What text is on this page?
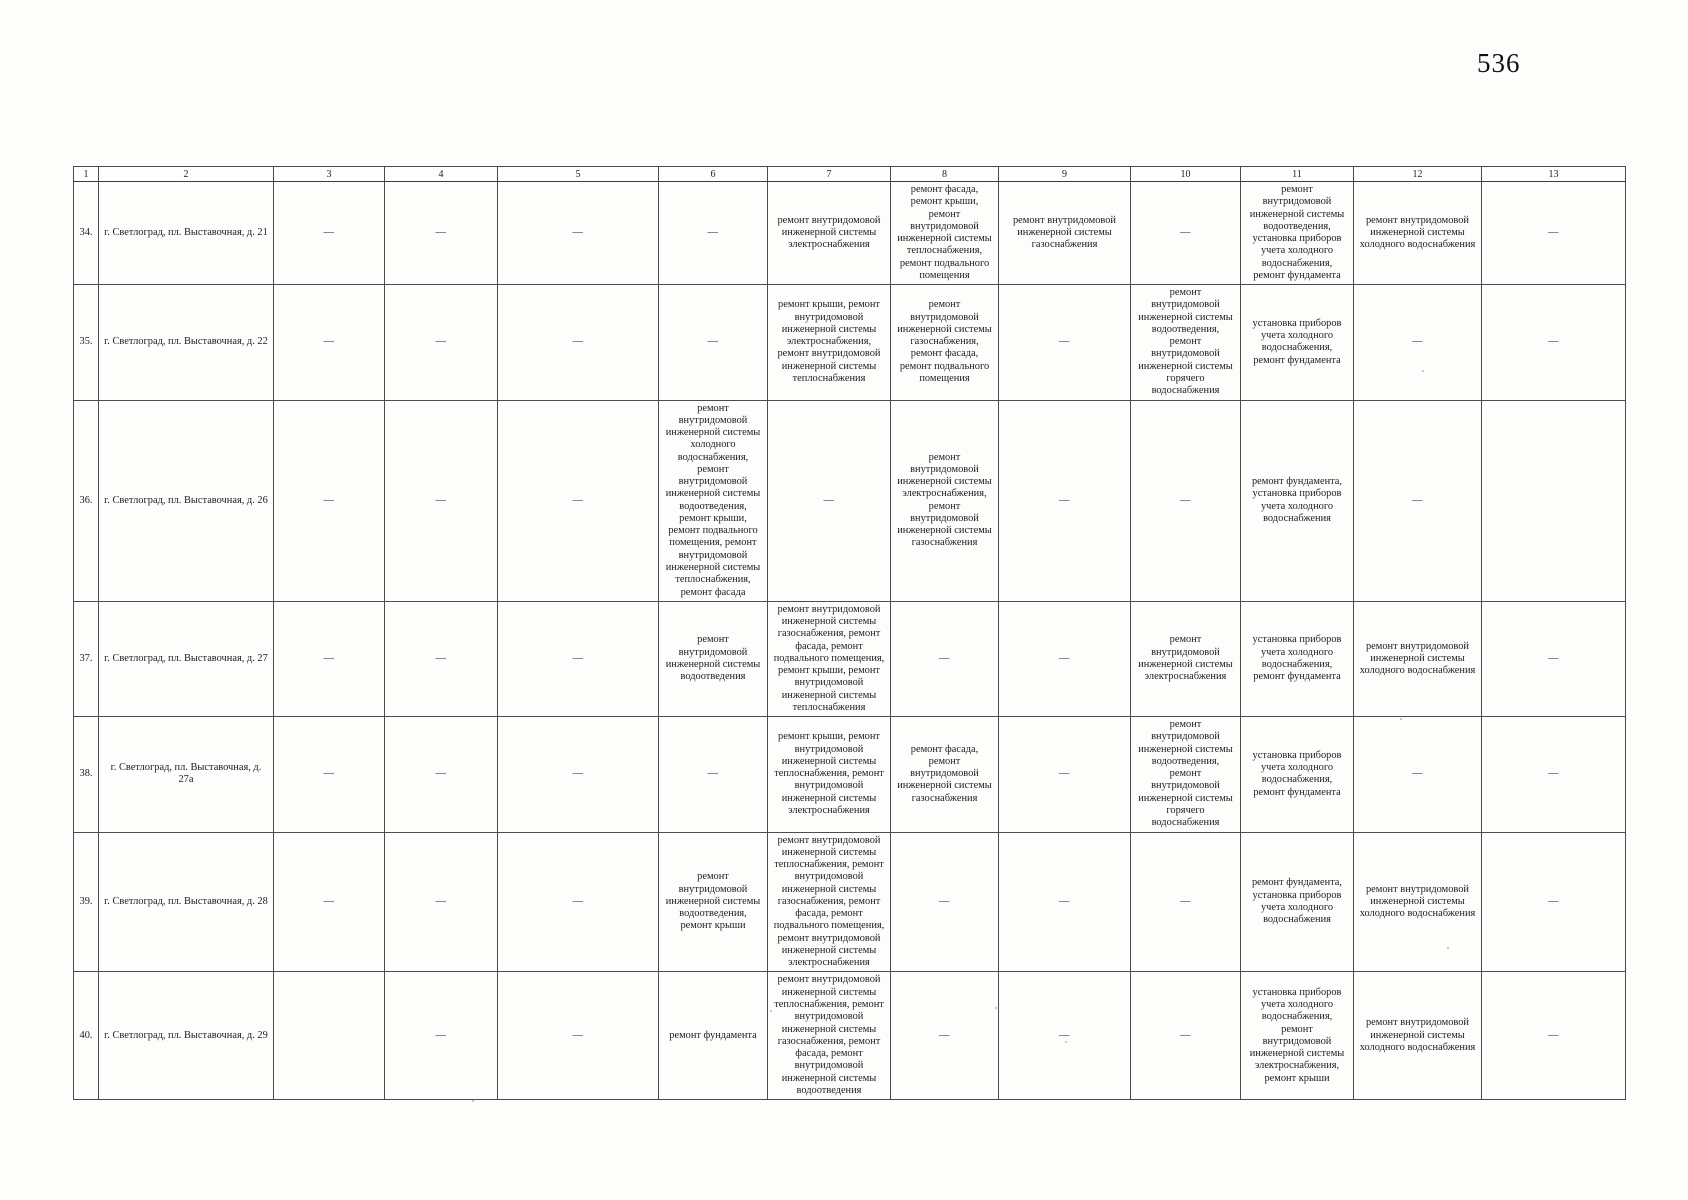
536
1	2	3	4	5	6	7	8	9	10	11	12	13
34.	г. Светлоград, пл. Выставочная, д. 21	—	—	—	—	ремонт внутридомовой инженерной системы электроснабжения	ремонт фасада, ремонт крыши, ремонт внутридомовой инженерной системы теплоснабжения, ремонт подвального помещения	ремонт внутридомовой инженерной системы газоснабжения	—	ремонт внутридомовой инженерной системы водоотведения, установка приборов учета холодного водоснабжения, ремонт фундамента	ремонт внутридомовой инженерной системы холодного водоснабжения	—
35.	г. Светлоград, пл. Выставочная, д. 22	—	—	—	—	ремонт крыши, ремонт внутридомовой инженерной системы электроснабжения, ремонт внутридомовой инженерной системы теплоснабжения	ремонт внутридомовой инженерной системы газоснабжения, ремонт фасада, ремонт подвального помещения	—	ремонт внутридомовой инженерной системы водоотведения, ремонт внутридомовой инженерной системы горячего водоснабжения	установка приборов учета холодного водоснабжения, ремонт фундамента	—	—
36.	г. Светлоград, пл. Выставочная, д. 26	—	—	—	ремонт внутридомовой инженерной системы холодного водоснабжения, ремонт внутридомовой инженерной системы водоотведения, ремонт крыши, ремонт подвального помещения, ремонт внутридомовой инженерной системы теплоснабжения, ремонт фасада	—	ремонт внутридомовой инженерной системы электроснабжения, ремонт внутридомовой инженерной системы газоснабжения	—	—	ремонт фундамента, установка приборов учета холодного водоснабжения	—	
37.	г. Светлоград, пл. Выставочная, д. 27	—	—	—	ремонт внутридомовой инженерной системы водоотведения	ремонт внутридомовой инженерной системы газоснабжения, ремонт фасада, ремонт подвального помещения, ремонт крыши, ремонт внутридомовой инженерной системы теплоснабжения	—	—	ремонт внутридомовой инженерной системы электроснабжения	установка приборов учета холодного водоснабжения, ремонт фундамента	ремонт внутридомовой инженерной системы холодного водоснабжения	—
38.	г. Светлоград, пл. Выставочная, д. 27а	—	—	—	—	ремонт крыши, ремонт внутридомовой инженерной системы теплоснабжения, ремонт внутридомовой инженерной системы электроснабжения	ремонт фасада, ремонт внутридомовой инженерной системы газоснабжения	—	ремонт внутридомовой инженерной системы водоотведения, ремонт внутридомовой инженерной системы горячего водоснабжения	установка приборов учета холодного водоснабжения, ремонт фундамента	—	—
39.	г. Светлоград, пл. Выставочная, д. 28	—	—	—	ремонт внутридомовой инженерной системы водоотведения, ремонт крыши	ремонт внутридомовой инженерной системы теплоснабжения, ремонт внутридомовой инженерной системы газоснабжения, ремонт фасада, ремонт подвального помещения, ремонт внутридомовой инженерной системы электроснабжения	—	—	—	ремонт фундамента, установка приборов учета холодного водоснабжения	ремонт внутридомовой инженерной системы холодного водоснабжения	—
40.	г. Светлоград, пл. Выставочная, д. 29		—	—	ремонт фундамента	ремонт внутридомовой инженерной системы теплоснабжения, ремонт внутридомовой инженерной системы газоснабжения, ремонт фасада, ремонт внутридомовой инженерной системы водоотведения	—	—	—	установка приборов учета холодного водоснабжения, ремонт внутридомовой инженерной системы электроснабжения, ремонт крыши	ремонт внутридомовой инженерной системы холодного водоснабжения	—
